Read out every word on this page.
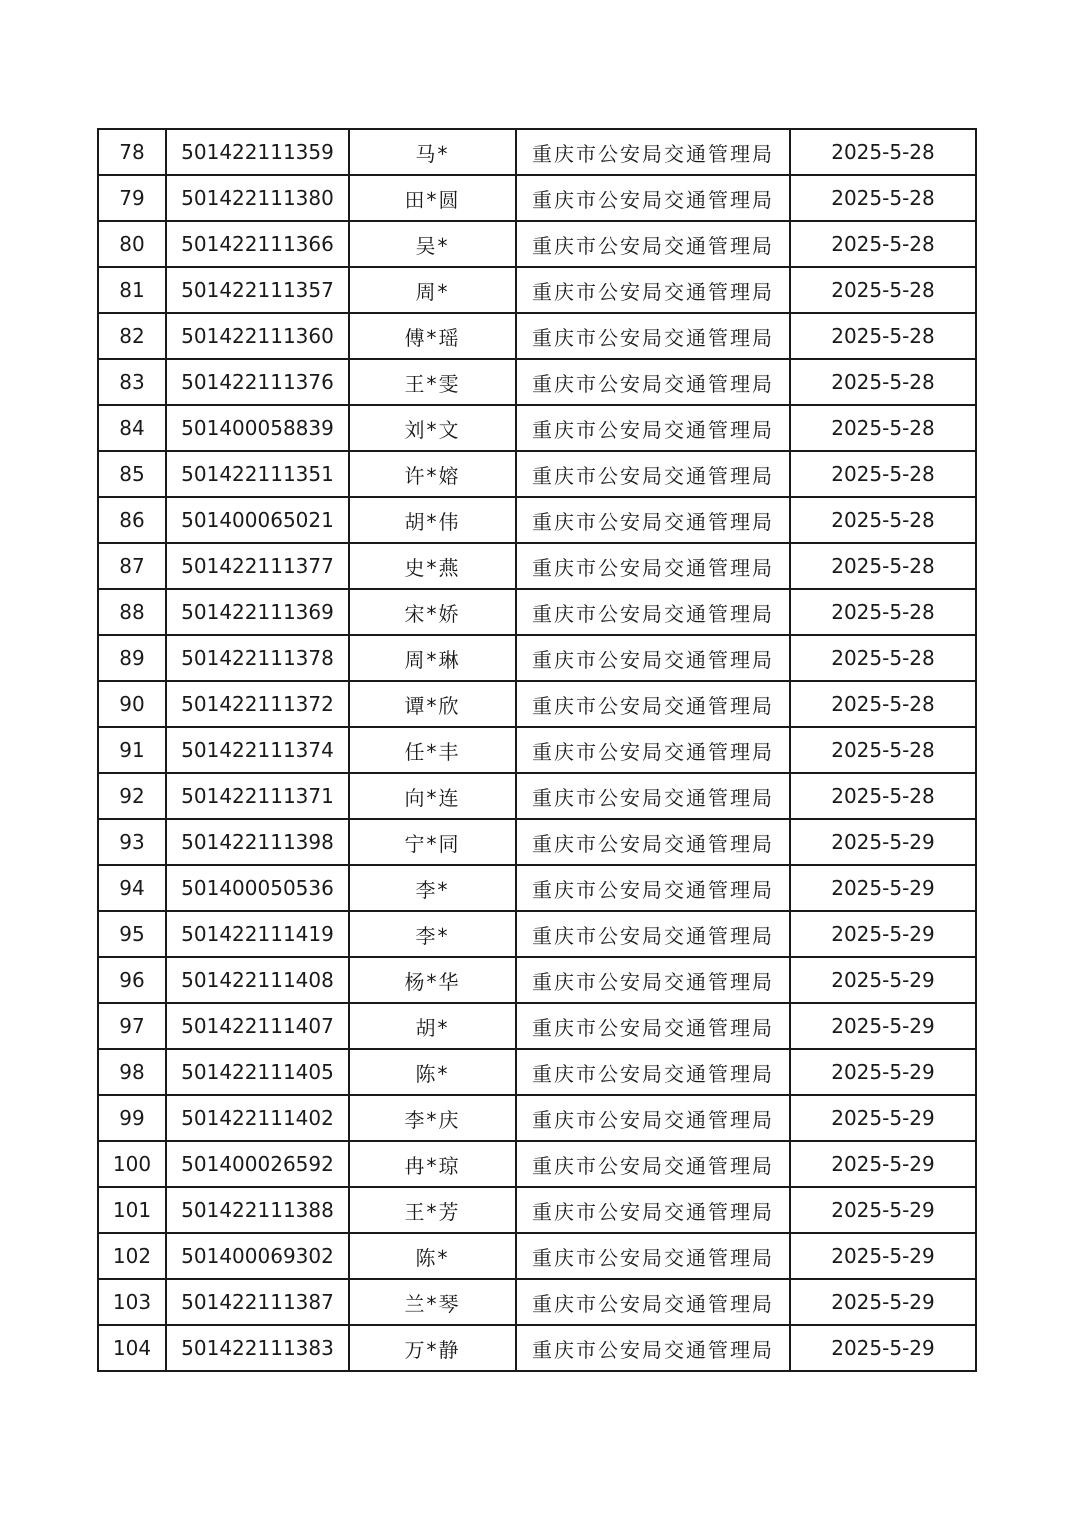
78	501422111359	马*	重庆市公安局交通管理局	2025-5-28
79	501422111380	田*圆	重庆市公安局交通管理局	2025-5-28
80	501422111366	吴*	重庆市公安局交通管理局	2025-5-28
81	501422111357	周*	重庆市公安局交通管理局	2025-5-28
82	501422111360	傅*瑶	重庆市公安局交通管理局	2025-5-28
83	501422111376	王*雯	重庆市公安局交通管理局	2025-5-28
84	501400058839	刘*文	重庆市公安局交通管理局	2025-5-28
85	501422111351	许*嫆	重庆市公安局交通管理局	2025-5-28
86	501400065021	胡*伟	重庆市公安局交通管理局	2025-5-28
87	501422111377	史*燕	重庆市公安局交通管理局	2025-5-28
88	501422111369	宋*娇	重庆市公安局交通管理局	2025-5-28
89	501422111378	周*琳	重庆市公安局交通管理局	2025-5-28
90	501422111372	谭*欣	重庆市公安局交通管理局	2025-5-28
91	501422111374	任*丰	重庆市公安局交通管理局	2025-5-28
92	501422111371	向*连	重庆市公安局交通管理局	2025-5-28
93	501422111398	宁*同	重庆市公安局交通管理局	2025-5-29
94	501400050536	李*	重庆市公安局交通管理局	2025-5-29
95	501422111419	李*	重庆市公安局交通管理局	2025-5-29
96	501422111408	杨*华	重庆市公安局交通管理局	2025-5-29
97	501422111407	胡*	重庆市公安局交通管理局	2025-5-29
98	501422111405	陈*	重庆市公安局交通管理局	2025-5-29
99	501422111402	李*庆	重庆市公安局交通管理局	2025-5-29
100	501400026592	冉*琼	重庆市公安局交通管理局	2025-5-29
101	501422111388	王*芳	重庆市公安局交通管理局	2025-5-29
102	501400069302	陈*	重庆市公安局交通管理局	2025-5-29
103	501422111387	兰*琴	重庆市公安局交通管理局	2025-5-29
104	501422111383	万*静	重庆市公安局交通管理局	2025-5-29
